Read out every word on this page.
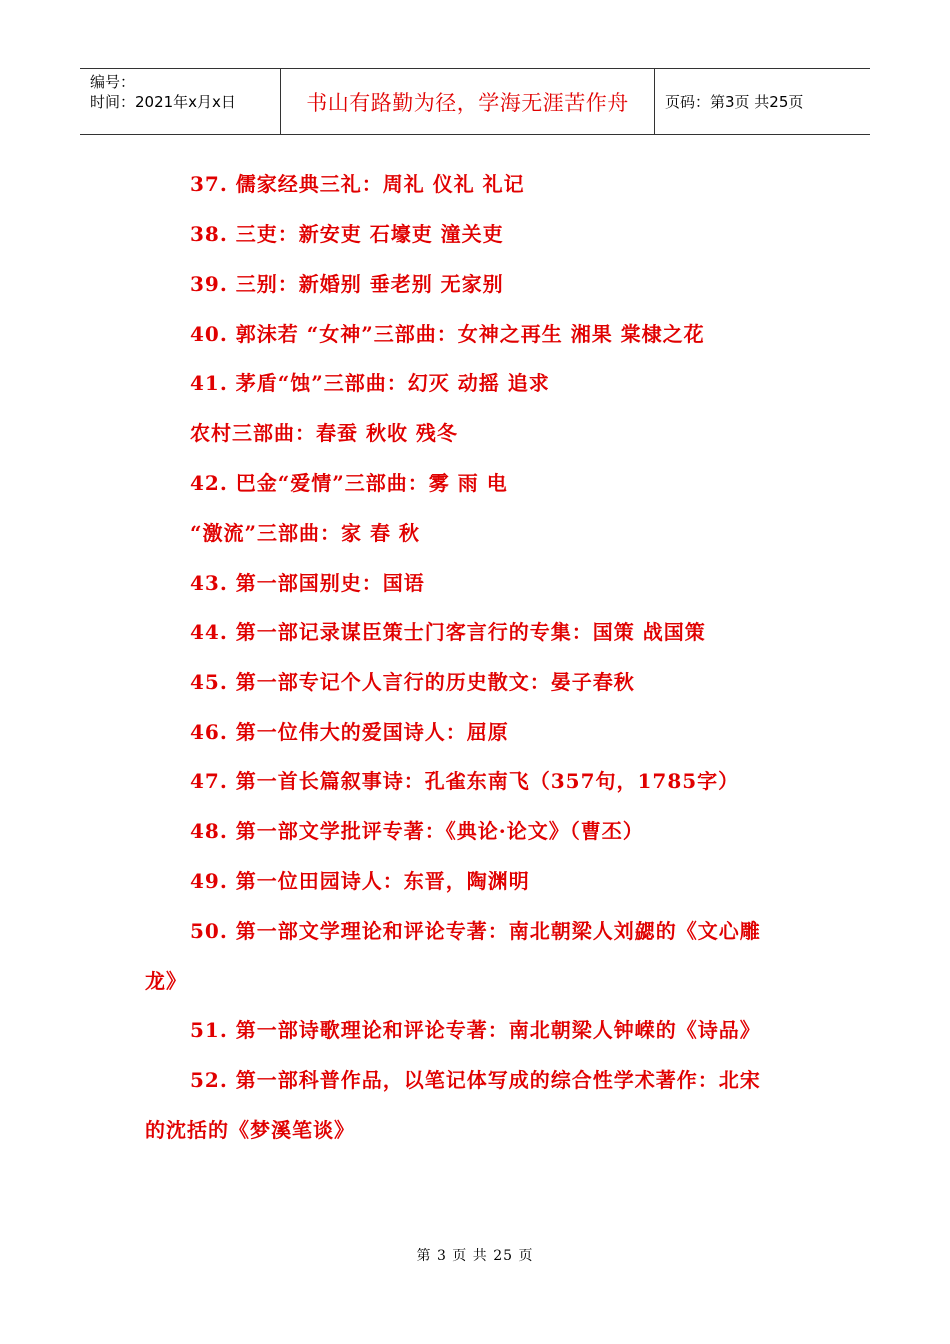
编号：
时间：2021年x月x日	书山有路勤为径，学海无涯苦作舟	页码：第3页 共25页
37. 儒家经典三礼：周礼 仪礼 礼记
38. 三吏：新安吏 石壕吏 潼关吏
39. 三别：新婚别 垂老别 无家别
40. 郭沫若 “女神”三部曲：女神之再生 湘果 棠棣之花
41. 茅盾“蚀”三部曲：幻灭 动摇 追求
农村三部曲：春蚕 秋收 残冬
42. 巴金“爱情”三部曲：雾 雨 电
“激流”三部曲：家 春 秋
43. 第一部国别史：国语
44. 第一部记录谋臣策士门客言行的专集：国策 战国策
45. 第一部专记个人言行的历史散文：晏子春秋
46. 第一位伟大的爱国诗人：屈原
47. 第一首长篇叙事诗：孔雀东南飞（357句，1785字）
48. 第一部文学批评专著：《典论·论文》（曹丕）
49. 第一位田园诗人：东晋，陶渊明
50. 第一部文学理论和评论专著：南北朝梁人刘勰的《文心雕
龙》
51. 第一部诗歌理论和评论专著：南北朝梁人钟嵘的《诗品》
52. 第一部科普作品，以笔记体写成的综合性学术著作：北宋
的沈括的《梦溪笔谈》
第 3 页 共 25 页
